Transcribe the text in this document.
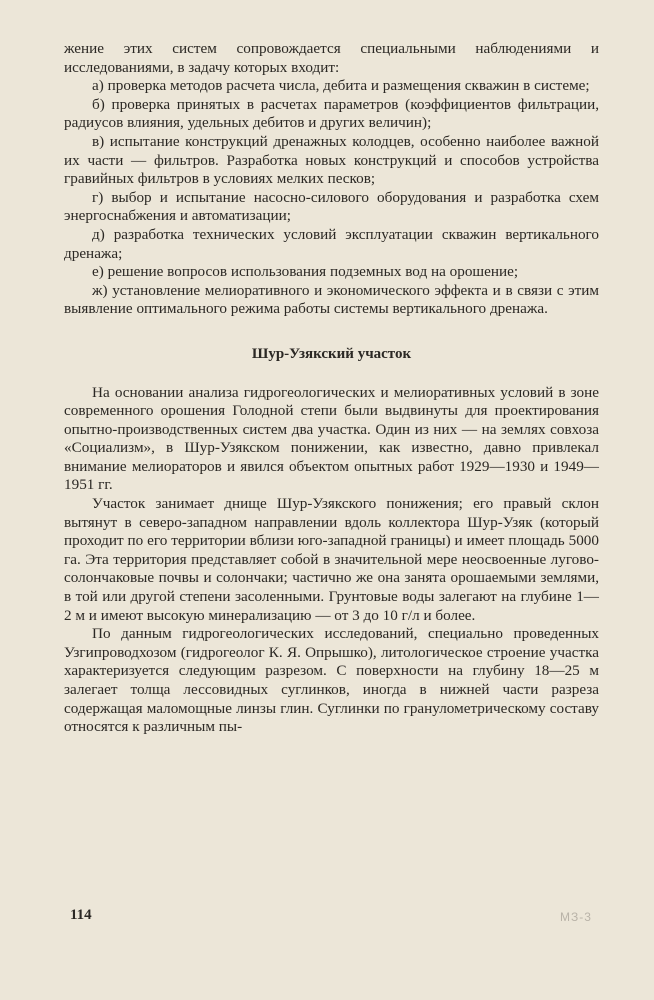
жение этих систем сопровождается специальными наблюдениями и исследованиями, в задачу которых входит:

а) проверка методов расчета числа, дебита и размещения скважин в системе;

б) проверка принятых в расчетах параметров (коэффициентов фильтрации, радиусов влияния, удельных дебитов и других величин);

в) испытание конструкций дренажных колодцев, особенно наиболее важной их части — фильтров. Разработка новых конструкций и способов устройства гравийных фильтров в условиях мелких песков;

г) выбор и испытание насосно-силового оборудования и разработка схем энергоснабжения и автоматизации;

д) разработка технических условий эксплуатации скважин вертикального дренажа;

е) решение вопросов использования подземных вод на орошение;

ж) установление мелиоративного и экономического эффекта и в связи с этим выявление оптимального режима работы системы вертикального дренажа.

Шур-Узякский участок

На основании анализа гидрогеологических и мелиоративных условий в зоне современного орошения Голодной степи были выдвинуты для проектирования опытно-производственных систем два участка. Один из них — на землях совхоза «Социализм», в Шур-Узякском понижении, как известно, давно привлекал внимание мелиораторов и явился объектом опытных работ 1929—1930 и 1949—1951 гг.

Участок занимает днище Шур-Узякского понижения; его правый склон вытянут в северо-западном направлении вдоль коллектора Шур-Узяк (который проходит по его территории вблизи юго-западной границы) и имеет площадь 5000 га. Эта территория представляет собой в значительной мере неосвоенные лугово-солончаковые почвы и солончаки; частично же она занята орошаемыми землями, в той или другой степени засоленными. Грунтовые воды залегают на глубине 1—2 м и имеют высокую минерализацию — от 3 до 10 г/л и более.

По данным гидрогеологических исследований, специально проведенных Узгипроводхозом (гидрогеолог К. Я. Опрышко), литологическое строение участка характеризуется следующим разрезом. С поверхности на глубину 18—25 м залегает толща лессовидных суглинков, иногда в нижней части разреза содержащая маломощные линзы глин. Суглинки по гранулометрическому составу относятся к различным пы-

114	МЗ-3
